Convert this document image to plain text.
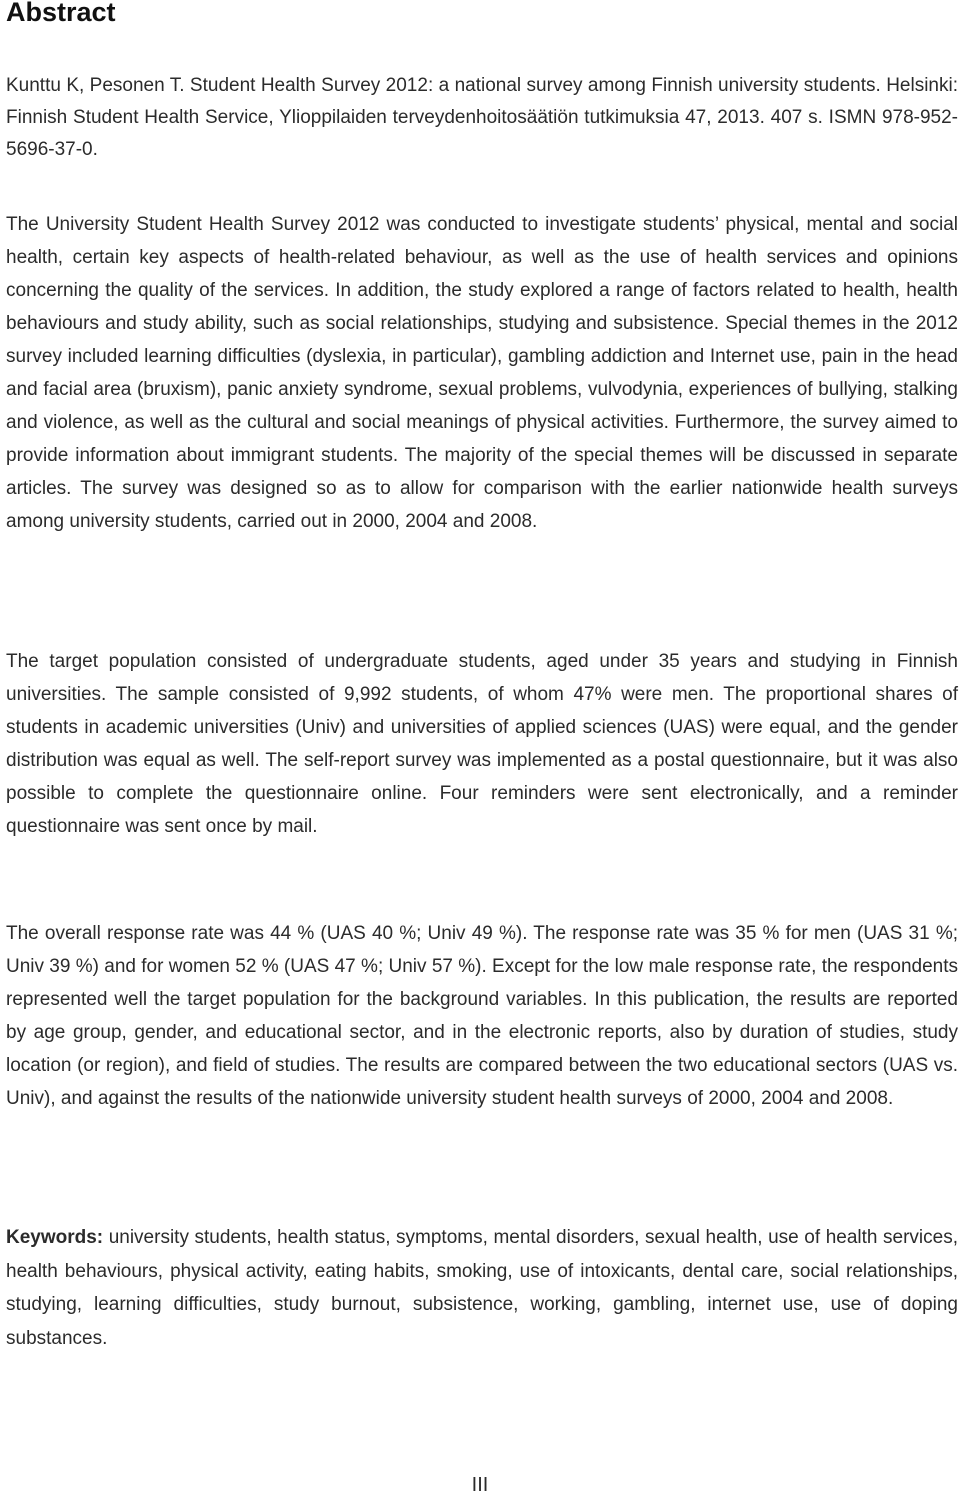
Abstract

Kunttu K, Pesonen T. Student Health Survey 2012: a national survey among Finnish university students. Helsinki: Finnish Student Health Service, Ylioppilaiden terveydenhoitosäätiön tutkimuksia 47, 2013. 407 s. ISMN 978-952-5696-37-0.

The University Student Health Survey 2012 was conducted to investigate students’ physical, mental and social health, certain key aspects of health-related behaviour, as well as the use of health services and opinions concerning the quality of the services. In addition, the study explored a range of factors related to health, health behaviours and study ability, such as social relationships, studying and subsistence. Special themes in the 2012 survey included learning difficulties (dyslexia, in particular), gambling addiction and Internet use, pain in the head and facial area (bruxism), panic anxiety syndrome, sexual problems, vulvodynia, experiences of bullying, stalking and violence, as well as the cultural and social meanings of physical activities. Furthermore, the survey aimed to provide information about immigrant students. The majority of the special themes will be discussed in separate articles. The survey was designed so as to allow for comparison with the earlier nationwide health surveys among university students, carried out in 2000, 2004 and 2008.

The target population consisted of undergraduate students, aged under 35 years and studying in Finnish universities. The sample consisted of 9,992 students, of whom 47% were men. The proportional shares of students in academic universities (Univ) and universities of applied sciences (UAS) were equal, and the gender distribution was equal as well. The self-report survey was implemented as a postal questionnaire, but it was also possible to complete the questionnaire online. Four reminders were sent electronically, and a reminder questionnaire was sent once by mail.

The overall response rate was 44 % (UAS 40 %; Univ 49 %). The response rate was 35 % for men (UAS 31 %; Univ 39 %) and for women 52 % (UAS 47 %; Univ 57 %). Except for the low male response rate, the respondents represented well the target population for the background variables. In this publication, the results are reported by age group, gender, and educational sector, and in the electronic reports, also by duration of studies, study location (or region), and field of studies. The results are compared between the two educational sectors (UAS vs. Univ), and against the results of the nationwide university student health surveys of 2000, 2004 and 2008.

Keywords: university students, health status, symptoms, mental disorders, sexual health, use of health services, health behaviours, physical activity, eating habits, smoking, use of intoxicants, dental care, social relationships, studying, learning difficulties, study burnout, subsistence, working, gambling, internet use, use of doping substances.

III
